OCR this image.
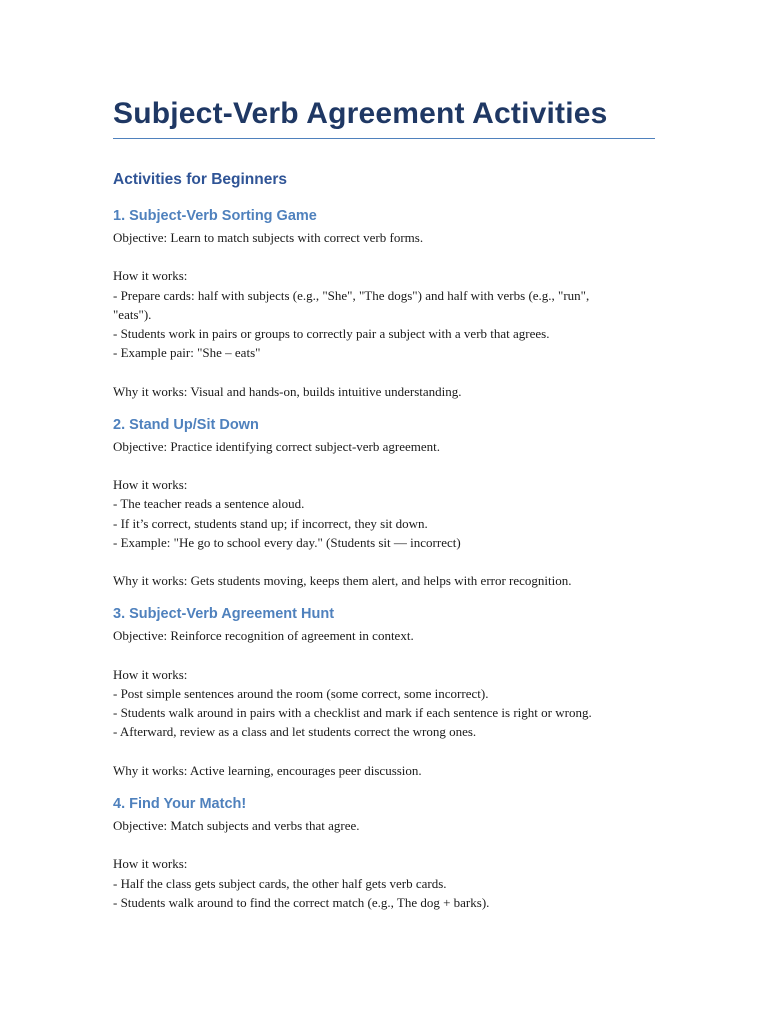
Subject-Verb Agreement Activities
Activities for Beginners
1. Subject-Verb Sorting Game

Objective: Learn to match subjects with correct verb forms.

How it works:

- Prepare cards: half with subjects (e.g., "She", "The dogs") and half with verbs (e.g., "run",

"eats").

- Students work in pairs or groups to correctly pair a subject with a verb that agrees.

- Example pair: "She – eats"

Why it works: Visual and hands-on, builds intuitive understanding.

2. Stand Up/Sit Down

Objective: Practice identifying correct subject-verb agreement.

How it works:

- The teacher reads a sentence aloud.

- If it’s correct, students stand up; if incorrect, they sit down.

- Example: "He go to school every day." (Students sit — incorrect)

Why it works: Gets students moving, keeps them alert, and helps with error recognition.

3. Subject-Verb Agreement Hunt

Objective: Reinforce recognition of agreement in context.

How it works:

- Post simple sentences around the room (some correct, some incorrect).

- Students walk around in pairs with a checklist and mark if each sentence is right or wrong.

- Afterward, review as a class and let students correct the wrong ones.

Why it works: Active learning, encourages peer discussion.

4. Find Your Match!

Objective: Match subjects and verbs that agree.

How it works:

- Half the class gets subject cards, the other half gets verb cards.

- Students walk around to find the correct match (e.g., The dog + barks).
